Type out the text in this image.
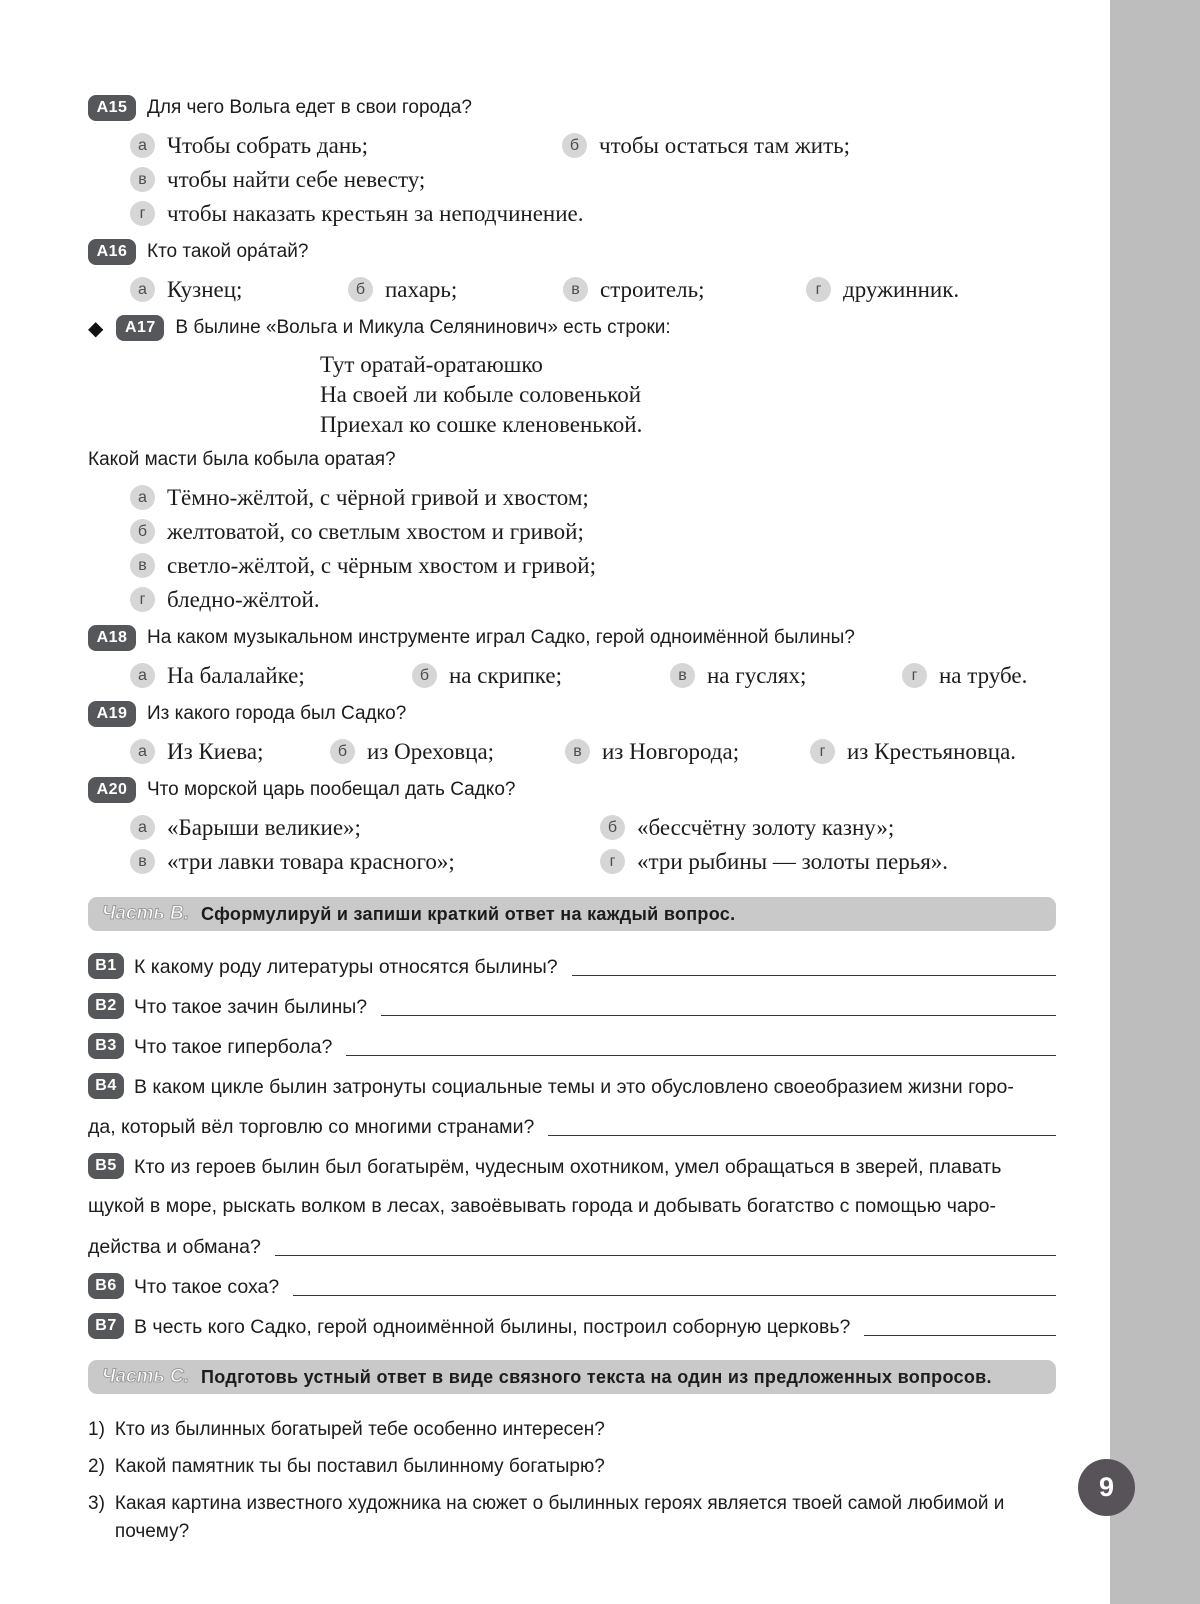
9
А15	Для чего Вольга едет в свои города?
а Чтобы собрать дань;	б чтобы остаться там жить;
в чтобы найти себе невесту;
г чтобы наказать крестьян за неподчинение.
А16	Кто такой ора́тай?
а Кузнец;	б пахарь;	в строитель;	г дружинник.
◆	А17	В былине «Вольга и Микула Селянинович» есть строки:
Тут оратай-оратаюшко
На своей ли кобыле соловенькой
Приехал ко сошке кленовенькой.
Какой масти была кобыла оратая?
а Тёмно-жёлтой, с чёрной гривой и хвостом;
б желтоватой, со светлым хвостом и гривой;
в светло-жёлтой, с чёрным хвостом и гривой;
г бледно-жёлтой.
А18	На каком музыкальном инструменте играл Садко, герой одноимённой былины?
а На балалайке;	б на скрипке;	в на гуслях;	г на трубе.
А19	Из какого города был Садко?
а Из Киева;	б из Ореховца;	в из Новгорода;	г из Крестьяновца.
А20	Что морской царь пообещал дать Садко?
а «Барыши великие»;	б «бессчётну золоту казну»;
в «три лавки товара красного»;	г «три рыбины — золоты перья».
Часть В. Сформулируй и запиши краткий ответ на каждый вопрос.
В1 К какому роду литературы относятся былины?
В2 Что такое зачин былины?
В3 Что такое гипербола?
В4 В каком цикле былин затронуты социальные темы и это обусловлено своеобразием жизни горо-
да, который вёл торговлю со многими странами?
В5 Кто из героев былин был богатырём, чудесным охотником, умел обращаться в зверей, плавать
щукой в море, рыскать волком в лесах, завоёвывать города и добывать богатство с помощью чаро-
действа и обмана?
В6 Что такое соха?
В7 В честь кого Садко, герой одноимённой былины, построил соборную церковь?
Часть С. Подготовь устный ответ в виде связного текста на один из предложенных вопросов.
1) Кто из былинных богатырей тебе особенно интересен?
2) Какой памятник ты бы поставил былинному богатырю?
3) Какая картина известного художника на сюжет о былинных героях является твоей самой любимой и почему?
